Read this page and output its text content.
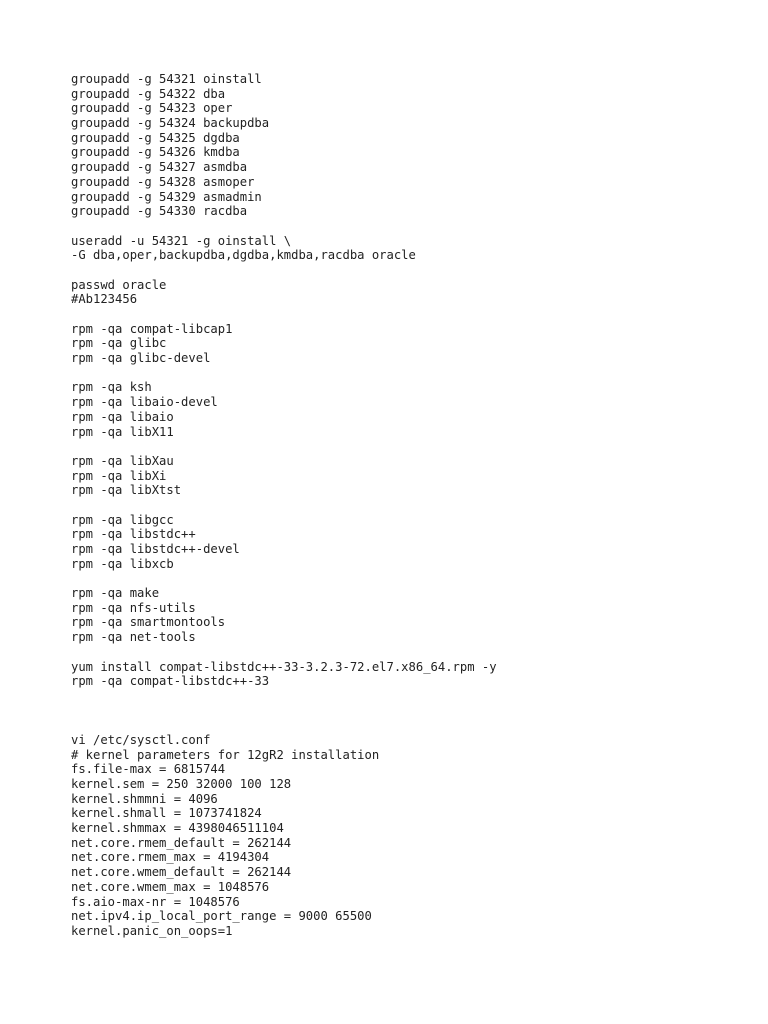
groupadd -g 54321 oinstall
groupadd -g 54322 dba
groupadd -g 54323 oper
groupadd -g 54324 backupdba
groupadd -g 54325 dgdba
groupadd -g 54326 kmdba
groupadd -g 54327 asmdba
groupadd -g 54328 asmoper
groupadd -g 54329 asmadmin
groupadd -g 54330 racdba
useradd -u 54321 -g oinstall \
-G dba,oper,backupdba,dgdba,kmdba,racdba oracle
passwd oracle
#Ab123456
rpm -qa compat-libcap1
rpm -qa glibc
rpm -qa glibc-devel
rpm -qa ksh
rpm -qa libaio-devel
rpm -qa libaio
rpm -qa libX11
rpm -qa libXau
rpm -qa libXi
rpm -qa libXtst
rpm -qa libgcc
rpm -qa libstdc++
rpm -qa libstdc++-devel
rpm -qa libxcb
rpm -qa make
rpm -qa nfs-utils
rpm -qa smartmontools
rpm -qa net-tools
yum install compat-libstdc++-33-3.2.3-72.el7.x86_64.rpm -y
rpm -qa compat-libstdc++-33
vi /etc/sysctl.conf
# kernel parameters for 12gR2 installation
fs.file-max = 6815744
kernel.sem = 250 32000 100 128
kernel.shmmni = 4096
kernel.shmall = 1073741824
kernel.shmmax = 4398046511104
net.core.rmem_default = 262144
net.core.rmem_max = 4194304
net.core.wmem_default = 262144
net.core.wmem_max = 1048576
fs.aio-max-nr = 1048576
net.ipv4.ip_local_port_range = 9000 65500
kernel.panic_on_oops=1
